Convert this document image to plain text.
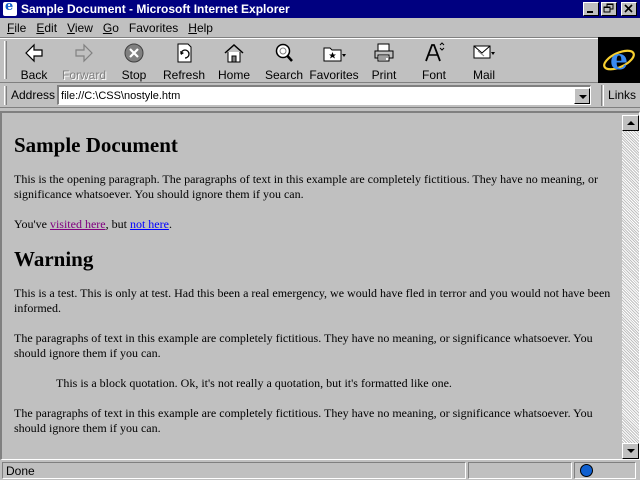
e
Sample Document - Microsoft Internet Explorer
File Edit View Go Favorites Help
Back Forward Stop Refresh Home Search Favorites Print Font Mail	e
Address
file://C:\CSS\nostyle.htm	Links
Sample Document

This is the opening paragraph. The paragraphs of text in this example are completely fictitious. They have no meaning, or significance whatsoever. You should ignore them if you can.

You've visited here, but not here.

Warning

This is a test. This is only at test. Had this been a real emergency, we would have fled in terror and you would not have been informed.

The paragraphs of text in this example are completely fictitious. They have no meaning, or significance whatsoever. You should ignore them if you can.

This is a block quotation. Ok, it's not really a quotation, but it's formatted like one.

The paragraphs of text in this example are completely fictitious. They have no meaning, or significance whatsoever. You should ignore them if you can.

Done
